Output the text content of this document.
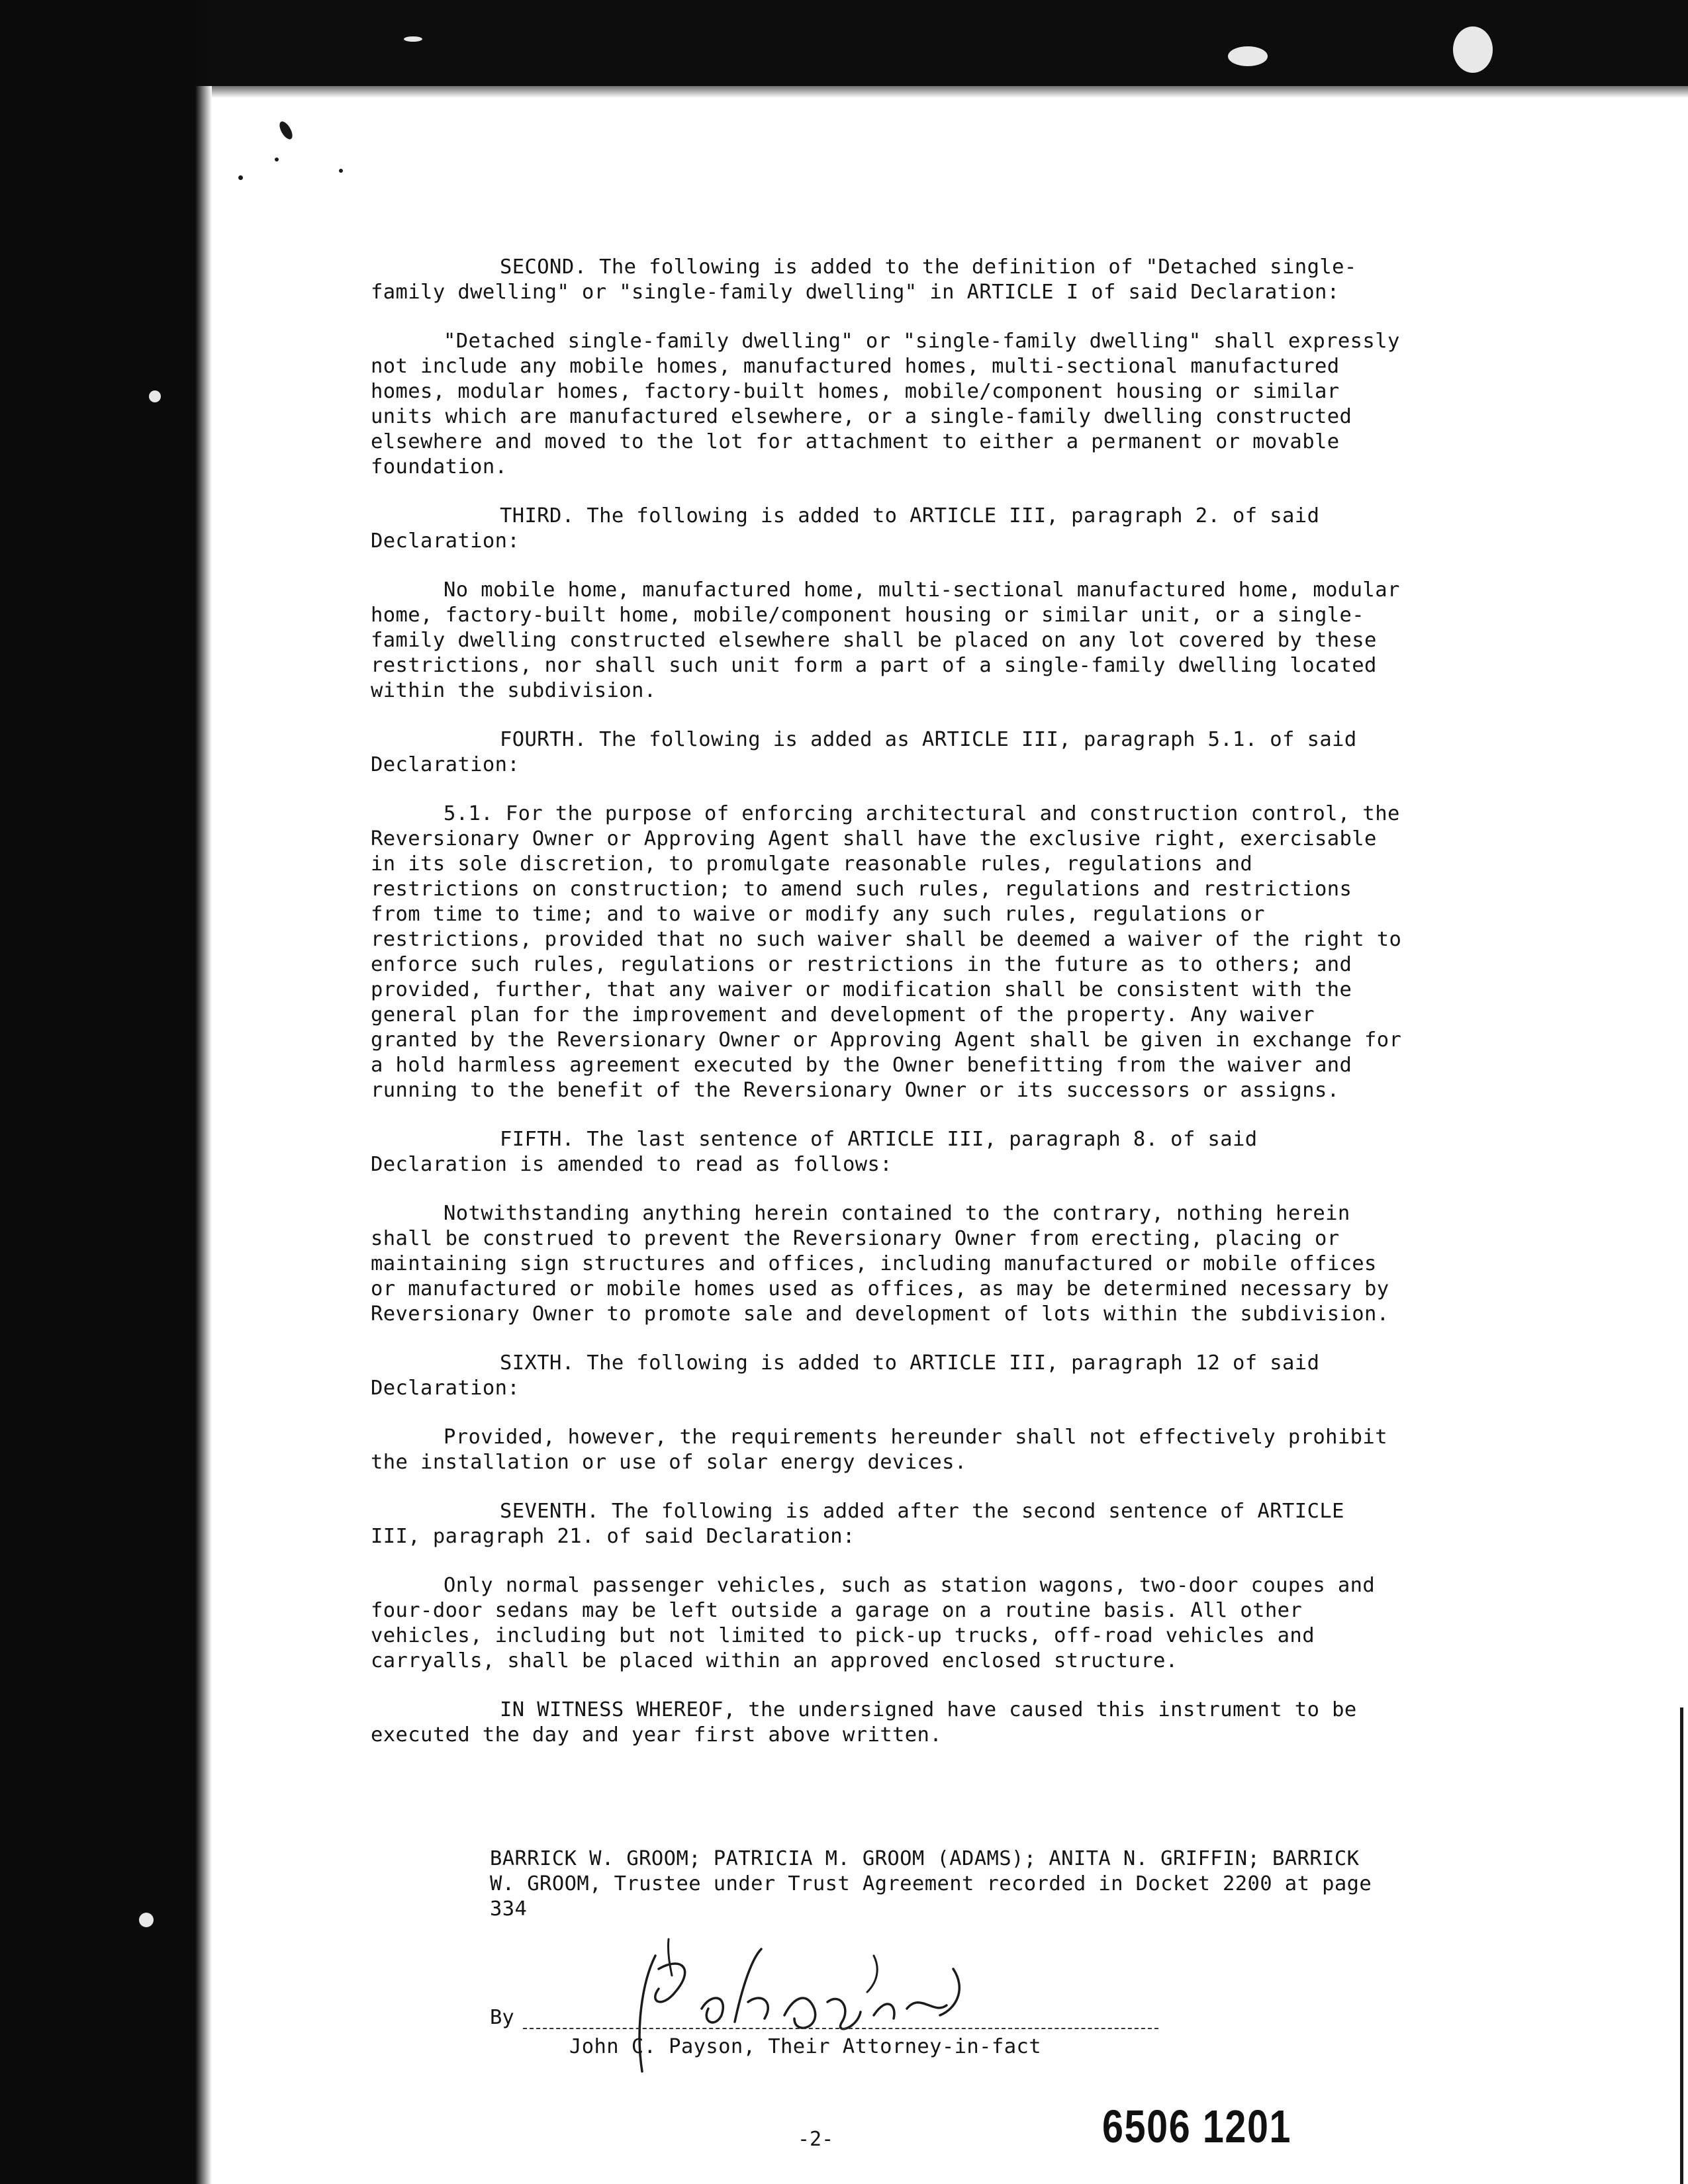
SECOND. The following is added to the definition of "Detached single-family dwelling" or "single-family dwelling" in ARTICLE I of said Declaration:

"Detached single-family dwelling" or "single-family dwelling" shall expressly not include any mobile homes, manufactured homes, multi-sectional manufactured homes, modular homes, factory-built homes, mobile/component housing or similar units which are manufactured elsewhere, or a single-family dwelling constructed elsewhere and moved to the lot for attachment to either a permanent or movable foundation.

THIRD. The following is added to ARTICLE III, paragraph 2. of said Declaration:

No mobile home, manufactured home, multi-sectional manufactured home, modular home, factory-built home, mobile/component housing or similar unit, or a single-family dwelling constructed elsewhere shall be placed on any lot covered by these restrictions, nor shall such unit form a part of a single-family dwelling located within the subdivision.

FOURTH. The following is added as ARTICLE III, paragraph 5.1. of said Declaration:

5.1. For the purpose of enforcing architectural and construction control, the Reversionary Owner or Approving Agent shall have the exclusive right, exercisable in its sole discretion, to promulgate reasonable rules, regulations and restrictions on construction; to amend such rules, regulations and restrictions from time to time; and to waive or modify any such rules, regulations or restrictions, provided that no such waiver shall be deemed a waiver of the right to enforce such rules, regulations or restrictions in the future as to others; and provided, further, that any waiver or modification shall be consistent with the general plan for the improvement and development of the property. Any waiver granted by the Reversionary Owner or Approving Agent shall be given in exchange for a hold harmless agreement executed by the Owner benefitting from the waiver and running to the benefit of the Reversionary Owner or its successors or assigns.

FIFTH. The last sentence of ARTICLE III, paragraph 8. of said Declaration is amended to read as follows:

Notwithstanding anything herein contained to the contrary, nothing herein shall be construed to prevent the Reversionary Owner from erecting, placing or maintaining sign structures and offices, including manufactured or mobile offices or manufactured or mobile homes used as offices, as may be determined necessary by Reversionary Owner to promote sale and development of lots within the subdivision.

SIXTH. The following is added to ARTICLE III, paragraph 12 of said Declaration:

Provided, however, the requirements hereunder shall not effectively prohibit the installation or use of solar energy devices.

SEVENTH. The following is added after the second sentence of ARTICLE III, paragraph 21. of said Declaration:

Only normal passenger vehicles, such as station wagons, two-door coupes and four-door sedans may be left outside a garage on a routine basis. All other vehicles, including but not limited to pick-up trucks, off-road vehicles and carryalls, shall be placed within an approved enclosed structure.

IN WITNESS WHEREOF, the undersigned have caused this instrument to be executed the day and year first above written.

BARRICK W. GROOM; PATRICIA M. GROOM (ADAMS); ANITA N. GRIFFIN; BARRICK W. GROOM, Trustee under Trust Agreement recorded in Docket 2200 at page 334
By
John C. Payson, Their Attorney-in-fact
-2-	6506 1201
